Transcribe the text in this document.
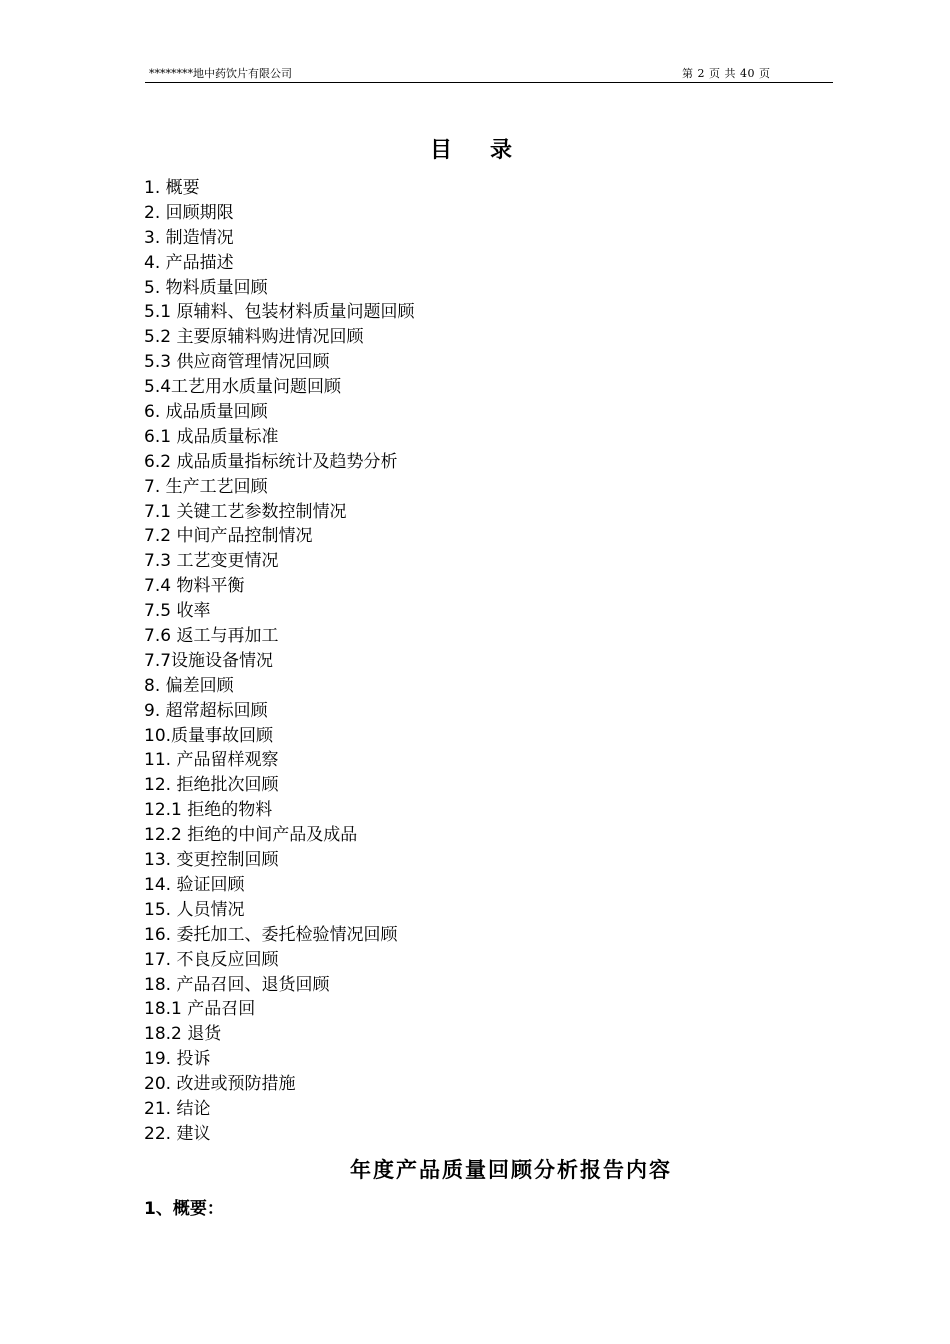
********地中药饮片有限公司	第 2 页 共 40 页
目录
1. 概要
2. 回顾期限
3. 制造情况
4. 产品描述
5. 物料质量回顾
5.1 原辅料、包装材料质量问题回顾
5.2 主要原辅料购进情况回顾
5.3 供应商管理情况回顾
5.4工艺用水质量问题回顾
6. 成品质量回顾
6.1 成品质量标准
6.2 成品质量指标统计及趋势分析
7. 生产工艺回顾
7.1 关键工艺参数控制情况
7.2 中间产品控制情况
7.3 工艺变更情况
7.4 物料平衡
7.5 收率
7.6 返工与再加工
7.7设施设备情况
8. 偏差回顾
9. 超常超标回顾
10.质量事故回顾
11. 产品留样观察
12. 拒绝批次回顾
12.1 拒绝的物料
12.2 拒绝的中间产品及成品
13. 变更控制回顾
14. 验证回顾
15. 人员情况
16. 委托加工、委托检验情况回顾
17. 不良反应回顾
18. 产品召回、退货回顾
18.1 产品召回
18.2 退货
19. 投诉
20. 改进或预防措施
21. 结论
22. 建议
年度产品质量回顾分析报告内容
1、概要：
